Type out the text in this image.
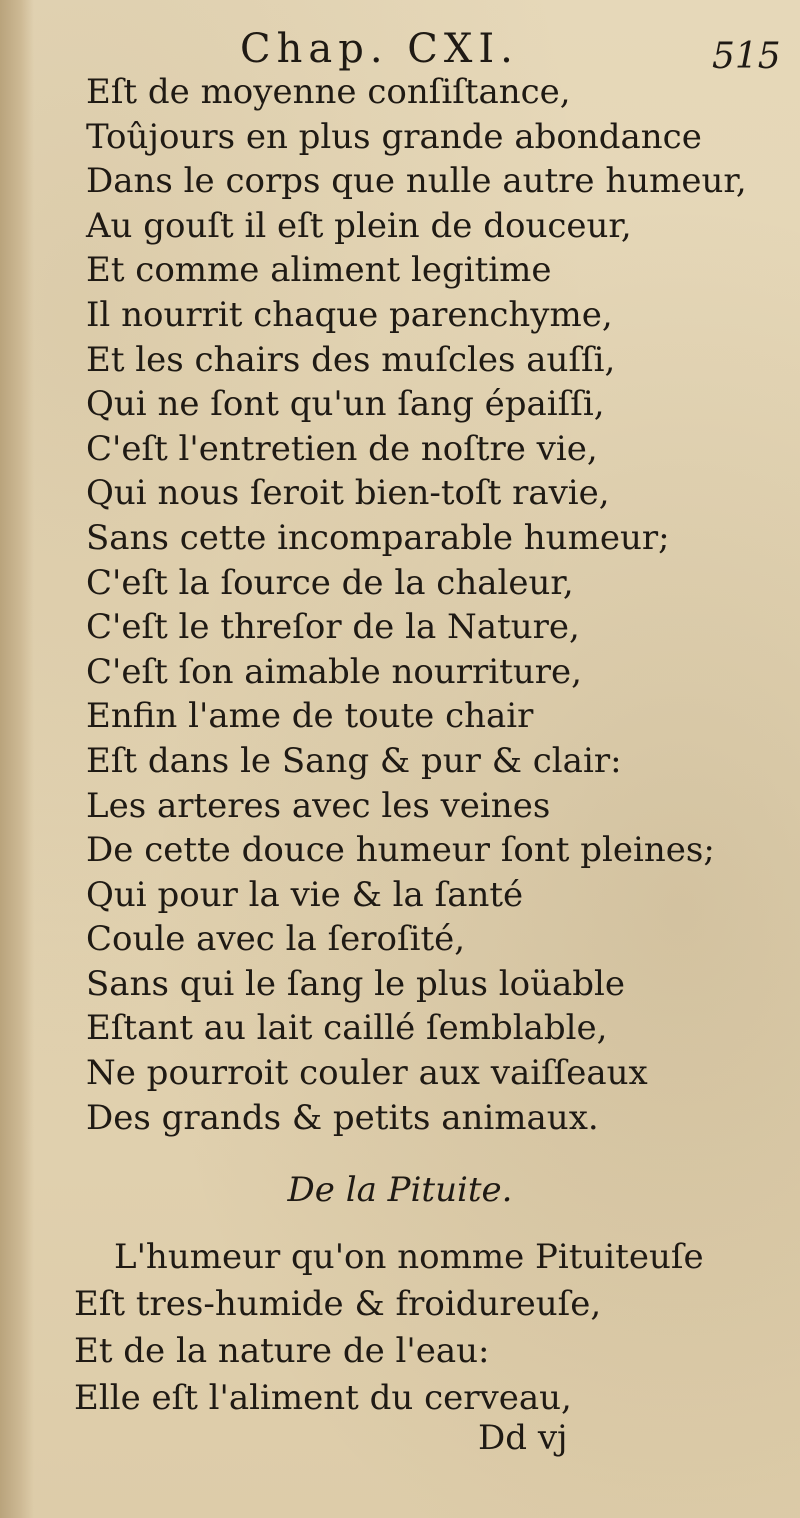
Chap. CXI.	515
Eſt de moyenne conſiſtance,
Toûjours en plus grande abondance
Dans le corps que nulle autre humeur,
Au gouſt il eſt plein de douceur,
Et comme aliment legitime
Il nourrit chaque parenchyme,
Et les chairs des muſcles auſſi,
Qui ne ſont qu'un ſang épaiſſi,
C'eſt l'entretien de noſtre vie,
Qui nous ſeroit bien-toſt ravie,
Sans cette incomparable humeur;
C'eſt la ſource de la chaleur,
C'eſt le threſor de la Nature,
C'eſt ſon aimable nourriture,
Enfin l'ame de toute chair
Eſt dans le Sang & pur & clair:
Les arteres avec les veines
De cette douce humeur ſont pleines;
Qui pour la vie & la ſanté
Coule avec la ſeroſité,
Sans qui le ſang le plus loüable
Eſtant au lait caillé ſemblable,
Ne pourroit couler aux vaiſſeaux
Des grands & petits animaux.
De la Pituite.
L'humeur qu'on nomme Pituiteuſe
Eſt tres-humide & froidureuſe,
Et de la nature de l'eau:
Elle eſt l'aliment du cerveau,
Dd vj
